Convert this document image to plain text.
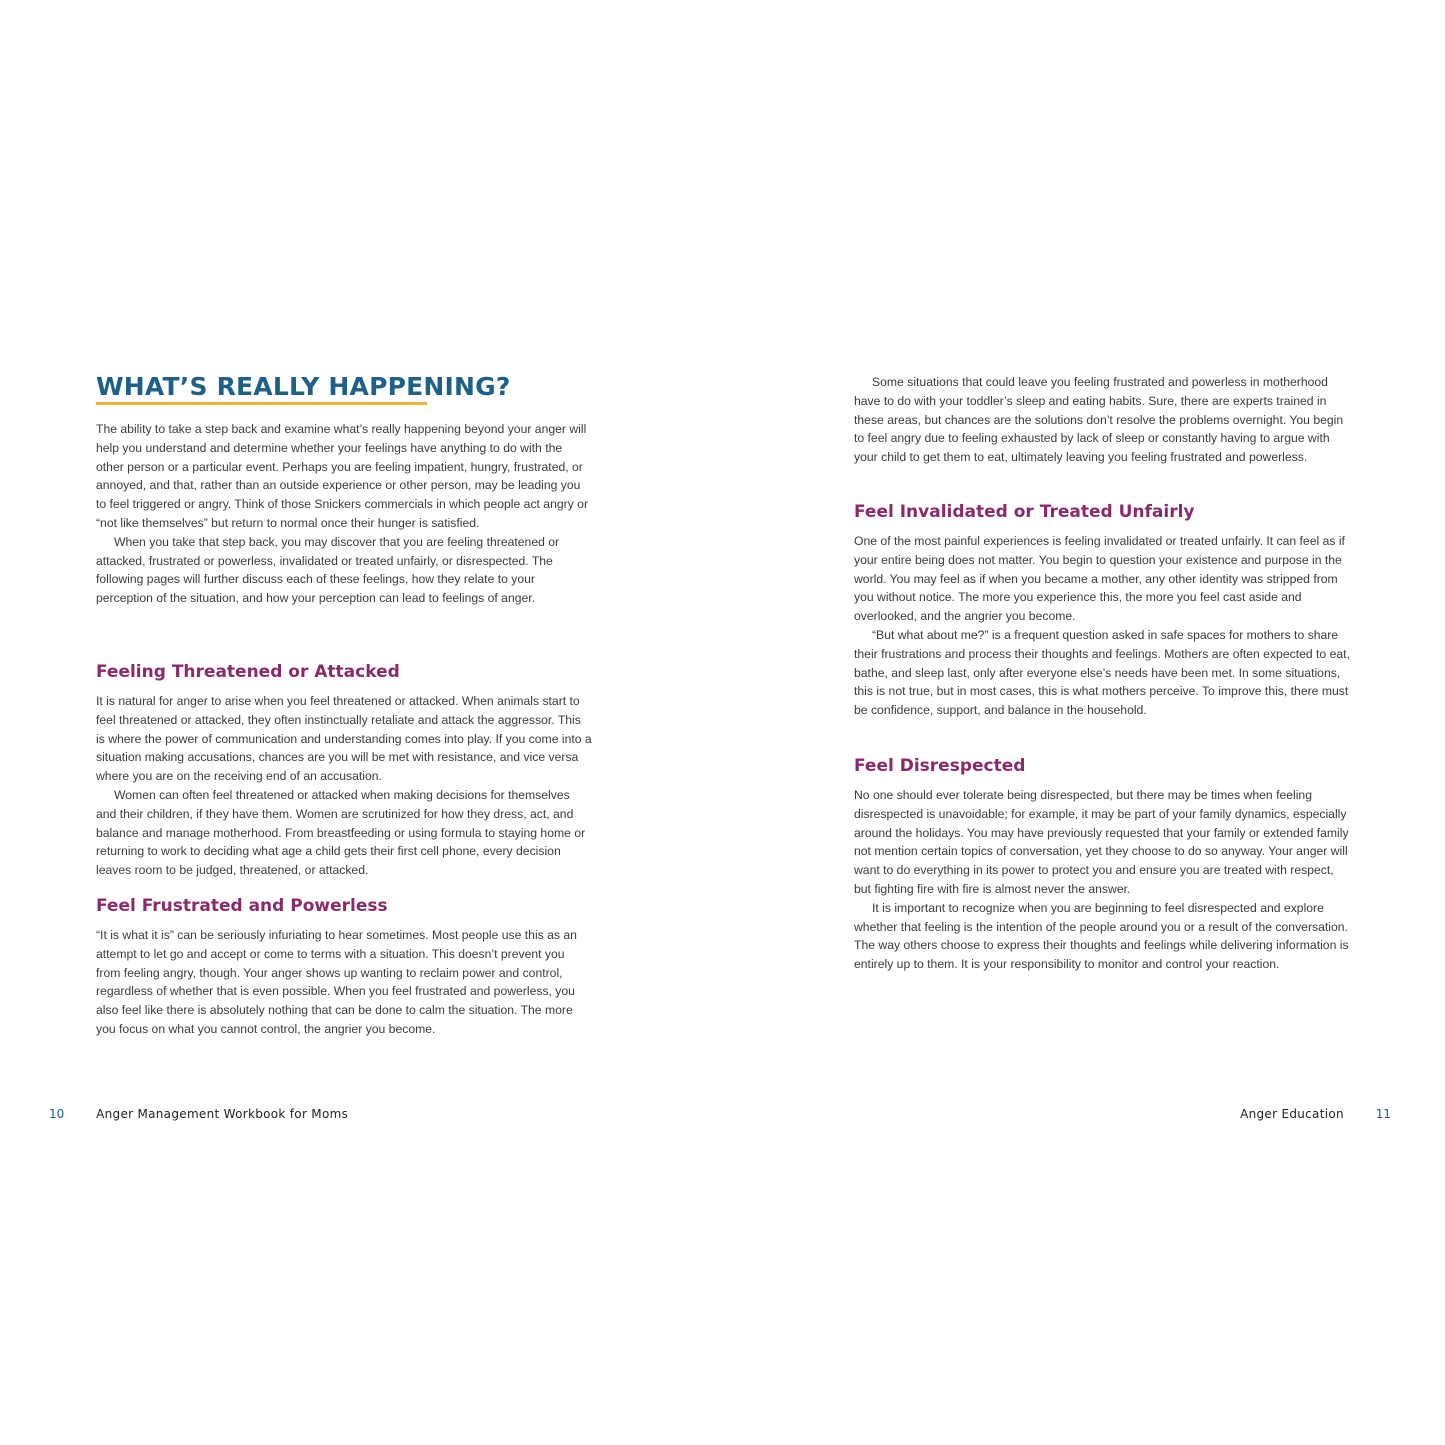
WHAT’S REALLY HAPPENING?

The ability to take a step back and examine what’s really happening beyond your anger will help you understand and determine whether your feelings have anything to do with the other person or a particular event. Perhaps you are feeling impatient, hungry, frustrated, or annoyed, and that, rather than an outside experience or other person, may be leading you to feel triggered or angry. Think of those Snickers commercials in which people act angry or “not like themselves” but return to normal once their hunger is satisfied.

When you take that step back, you may discover that you are feeling threatened or attacked, frustrated or powerless, invalidated or treated unfairly, or disrespected. The following pages will further discuss each of these feelings, how they relate to your perception of the situation, and how your perception can lead to feelings of anger.

Feeling Threatened or Attacked

It is natural for anger to arise when you feel threatened or attacked. When animals start to feel threatened or attacked, they often instinctually retaliate and attack the aggressor. This is where the power of communication and understanding comes into play. If you come into a situation making accusations, chances are you will be met with resistance, and vice versa where you are on the receiving end of an accusation.

Women can often feel threatened or attacked when making decisions for themselves and their children, if they have them. Women are scrutinized for how they dress, act, and balance and manage motherhood. From breastfeeding or using formula to staying home or returning to work to deciding what age a child gets their first cell phone, every decision leaves room to be judged, threatened, or attacked.

Feel Frustrated and Powerless

“It is what it is” can be seriously infuriating to hear sometimes. Most people use this as an attempt to let go and accept or come to terms with a situation. This doesn’t prevent you from feeling angry, though. Your anger shows up wanting to reclaim power and control, regardless of whether that is even possible. When you feel frustrated and powerless, you also feel like there is absolutely nothing that can be done to calm the situation. The more you focus on what you cannot control, the angrier you become.

Some situations that could leave you feeling frustrated and powerless in motherhood have to do with your toddler’s sleep and eating habits. Sure, there are experts trained in these areas, but chances are the solutions don’t resolve the problems overnight. You begin to feel angry due to feeling exhausted by lack of sleep or constantly having to argue with your child to get them to eat, ultimately leaving you feeling frustrated and powerless.

Feel Invalidated or Treated Unfairly

One of the most painful experiences is feeling invalidated or treated unfairly. It can feel as if your entire being does not matter. You begin to question your existence and purpose in the world. You may feel as if when you became a mother, any other identity was stripped from you without notice. The more you experience this, the more you feel cast aside and overlooked, and the angrier you become.

“But what about me?” is a frequent question asked in safe spaces for mothers to share their frustrations and process their thoughts and feelings. Mothers are often expected to eat, bathe, and sleep last, only after everyone else’s needs have been met. In some situations, this is not true, but in most cases, this is what mothers perceive. To improve this, there must be confidence, support, and balance in the household.

Feel Disrespected

No one should ever tolerate being disrespected, but there may be times when feeling disrespected is unavoidable; for example, it may be part of your family dynamics, especially around the holidays. You may have previously requested that your family or extended family not mention certain topics of conversation, yet they choose to do so anyway. Your anger will want to do everything in its power to protect you and ensure you are treated with respect, but fighting fire with fire is almost never the answer.

It is important to recognize when you are beginning to feel disrespected and explore whether that feeling is the intention of the people around you or a result of the conversation. The way others choose to express their thoughts and feelings while delivering information is entirely up to them. It is your responsibility to monitor and control your reaction.

10	Anger Management Workbook for Moms	Anger Education	11
